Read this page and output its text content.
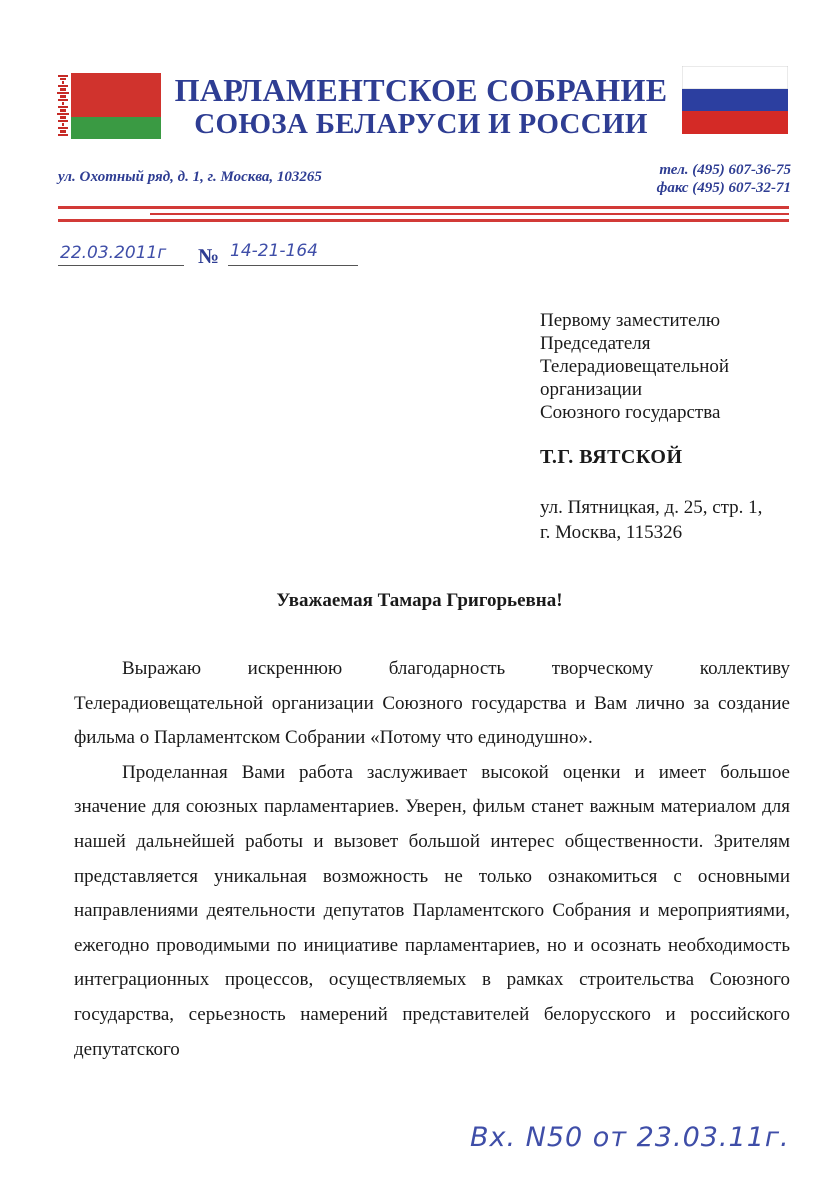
ПАРЛАМЕНТСКОЕ СОБРАНИЕ
СОЮЗА БЕЛАРУСИ И РОССИИ
ул. Охотный ряд, д. 1, г. Москва, 103265	тел. (495) 607-36-75
факс (495) 607-32-71
22.03.2011г № 14-21-164
Первому заместителю
Председателя
Телерадиовещательной
организации
Союзного государства
Т.Г. ВЯТСКОЙ
ул. Пятницкая, д. 25, стр. 1,
г. Москва, 115326
Уважаемая Тамара Григорьевна!

Выражаю искреннюю благодарность творческому коллективу Телерадиовещательной организации Союзного государства и Вам лично за создание фильма о Парламентском Собрании «Потому что единодушно».

Проделанная Вами работа заслуживает высокой оценки и имеет большое значение для союзных парламентариев. Уверен, фильм станет важным материалом для нашей дальнейшей работы и вызовет большой интерес общественности. Зрителям представляется уникальная возможность не только ознакомиться с основными направлениями деятельности депутатов Парламентского Собрания и мероприятиями, ежегодно проводимыми по инициативе парламентариев, но и осознать необходимость интеграционных процессов, осуществляемых в рамках строительства Союзного государства, серьезность намерений представителей белорусского и российского депутатского

Вх. N50 от 23.03.11г.
